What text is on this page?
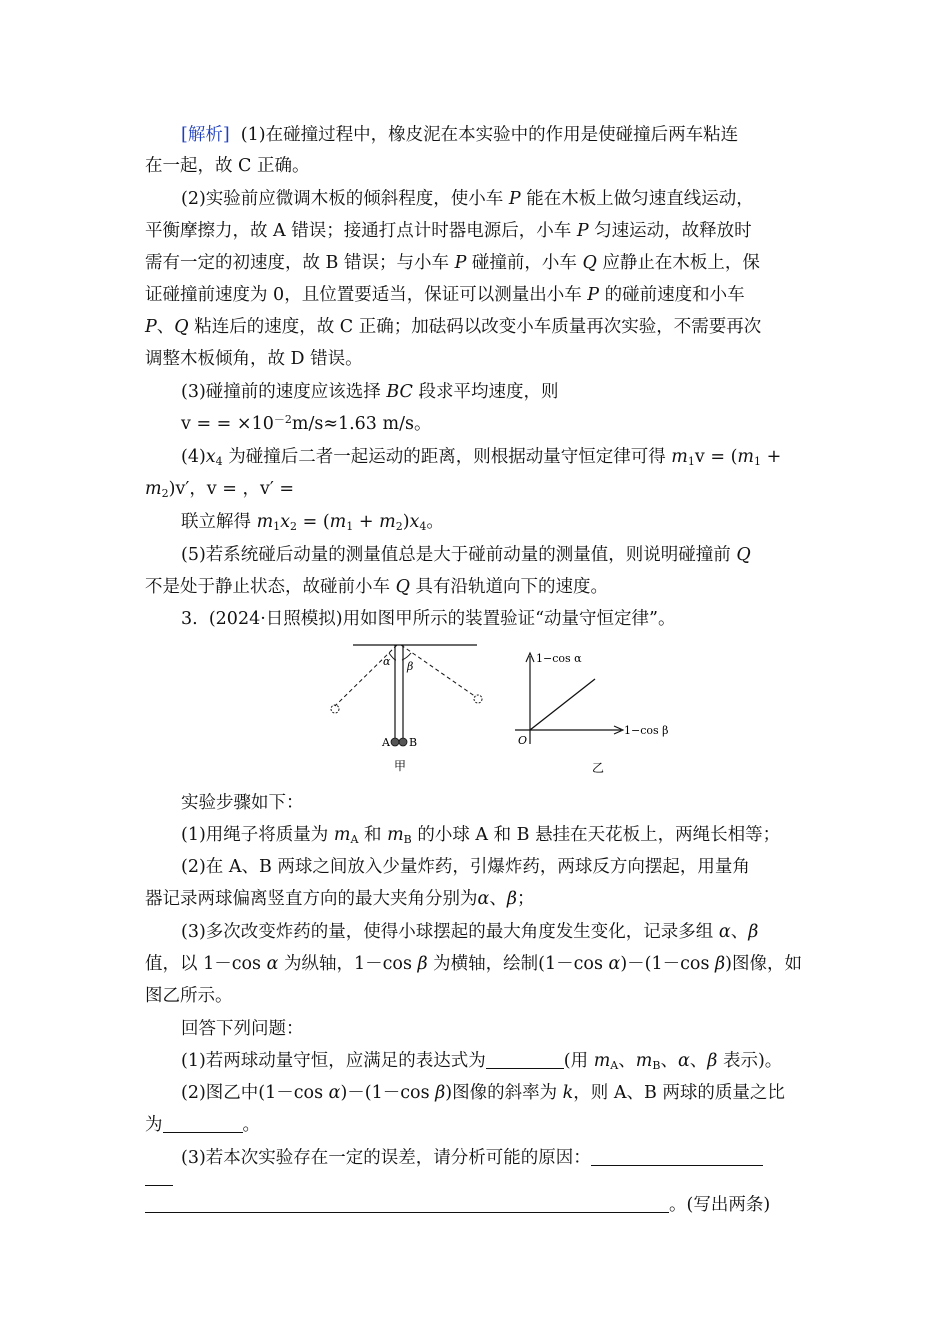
[解析] (1)在碰撞过程中，橡皮泥在本实验中的作用是使碰撞后两车粘连
在一起，故 C 正确。
(2)实验前应微调木板的倾斜程度，使小车 P 能在木板上做匀速直线运动，
平衡摩擦力，故 A 错误；接通打点计时器电源后，小车 P 匀速运动，故释放时
需有一定的初速度，故 B 错误；与小车 P 碰撞前，小车 Q 应静止在木板上，保
证碰撞前速度为 0，且位置要适当，保证可以测量出小车 P 的碰前速度和小车
P、Q 粘连后的速度，故 C 正确；加砝码以改变小车质量再次实验，不需要再次
调整木板倾角，故 D 错误。
(3)碰撞前的速度应该选择 BC 段求平均速度，则
v = = $\times 10^{-2}m/s\approx 1.63$ m/s。
$(4)x_4$ 为碰撞后二者一起运动的距离，则根据动量守恒定律可得 $m_1v = (m_1$ +
$m_2)v'$，v = ，v′ =
联立解得 $m_1x_2 = (m_1 + m_2)x_4$。
(5)若系统碰后动量的测量值总是大于碰前动量的测量值，则说明碰撞前 Q
不是处于静止状态，故碰前小车 Q 具有沿轨道向下的速度。
3. (2024·日照模拟)用如图甲所示的装置验证“动量守恒定律”。
α β
A B
甲
1−cos α
1−cos β
O
乙
实验步骤如下：
(1)用绳子将质量为 $m_A$ 和 $m_B$ 的小球 A 和 B 悬挂在天花板上，两绳长相等；
(2)在 A、B 两球之间放入少量炸药，引爆炸药，两球反方向摆起，用量角
器记录两球偏离竖直方向的最大夹角分别为α、β；
(3)多次改变炸药的量，使得小球摆起的最大角度发生变化，记录多组 α、β
值，以 1－cos α 为纵轴，1－cos β 为横轴，绘制(1－cos α)－(1－cos β)图像，如
图乙所示。
回答下列问题：
(1)若两球动量守恒，应满足的表达式为	(用 $m_A$、$m_B$、α、β 表示)。
(2)图乙中(1－cos α)－(1－cos β)图像的斜率为 k，则 A、B 两球的质量之比
为	。
(3)若本次实验存在一定的误差，请分析可能的原因：
。(写出两条)
